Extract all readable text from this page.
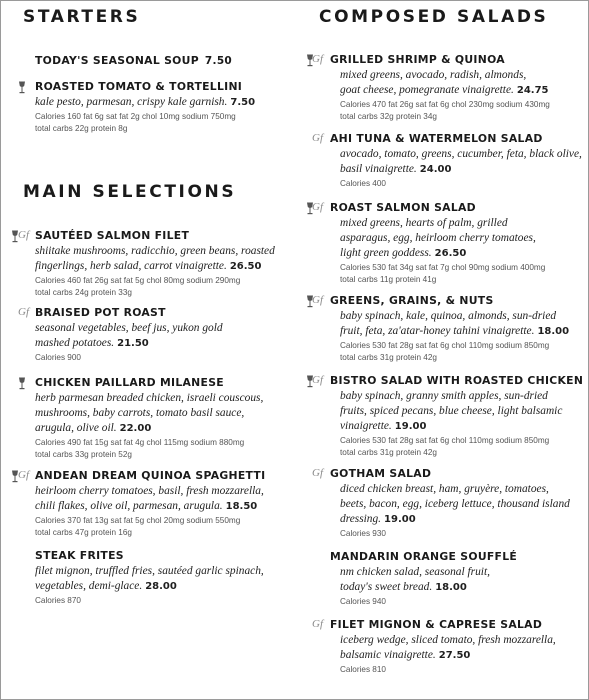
STARTERS
TODAY'S SEASONAL SOUP 7.50
ROASTED TOMATO & TORTELLINI

kale pesto, parmesan, crispy kale garnish. 7.50

Calories 160 fat 6g sat fat 2g chol 10mg sodium 750mg

total carbs 22g protein 8g

MAIN SELECTIONS
Gf SAUTÉED SALMON FILET

shiitake mushrooms, radicchio, green beans, roasted

fingerlings, herb salad, carrot vinaigrette. 26.50

Calories 460 fat 26g sat fat 5g chol 80mg sodium 290mg

total carbs 24g protein 33g

Gf BRAISED POT ROAST

seasonal vegetables, beef jus, yukon gold

mashed potatoes. 21.50

Calories 900

CHICKEN PAILLARD MILANESE

herb parmesan breaded chicken, israeli couscous,

mushrooms, baby carrots, tomato basil sauce,

arugula, olive oil. 22.00

Calories 490 fat 15g sat fat 4g chol 115mg sodium 880mg

total carbs 33g protein 52g

Gf ANDEAN DREAM QUINOA SPAGHETTI

heirloom cherry tomatoes, basil, fresh mozzarella,

chili flakes, olive oil, parmesan, arugula. 18.50

Calories 370 fat 13g sat fat 5g chol 20mg sodium 550mg

total carbs 47g protein 16g

STEAK FRITES

filet mignon, truffled fries, sautéed garlic spinach,

vegetables, demi-glace. 28.00

Calories 870

COMPOSED SALADS
Gf GRILLED SHRIMP & QUINOA

mixed greens, avocado, radish, almonds,

goat cheese, pomegranate vinaigrette. 24.75

Calories 470 fat 26g sat fat 6g chol 230mg sodium 430mg

total carbs 32g protein 34g

Gf AHI TUNA & WATERMELON SALAD

avocado, tomato, greens, cucumber, feta, black olive,

basil vinaigrette. 24.00

Calories 400

Gf ROAST SALMON SALAD

mixed greens, hearts of palm, grilled

asparagus, egg, heirloom cherry tomatoes,

light green goddess. 26.50

Calories 530 fat 34g sat fat 7g chol 90mg sodium 400mg

total carbs 11g protein 41g

Gf GREENS, GRAINS, & NUTS

baby spinach, kale, quinoa, almonds, sun-dried

fruit, feta, za'atar-honey tahini vinaigrette. 18.00

Calories 530 fat 28g sat fat 6g chol 110mg sodium 850mg

total carbs 31g protein 42g

Gf BISTRO SALAD WITH ROASTED CHICKEN

baby spinach, granny smith apples, sun-dried

fruits, spiced pecans, blue cheese, light balsamic

vinaigrette. 19.00

Calories 530 fat 28g sat fat 6g chol 110mg sodium 850mg

total carbs 31g protein 42g

Gf GOTHAM SALAD

diced chicken breast, ham, gruyère, tomatoes,

beets, bacon, egg, iceberg lettuce, thousand island

dressing. 19.00

Calories 930

MANDARIN ORANGE SOUFFLÉ

nm chicken salad, seasonal fruit,

today's sweet bread. 18.00

Calories 940

Gf FILET MIGNON & CAPRESE SALAD

iceberg wedge, sliced tomato, fresh mozzarella,

balsamic vinaigrette. 27.50

Calories 810
